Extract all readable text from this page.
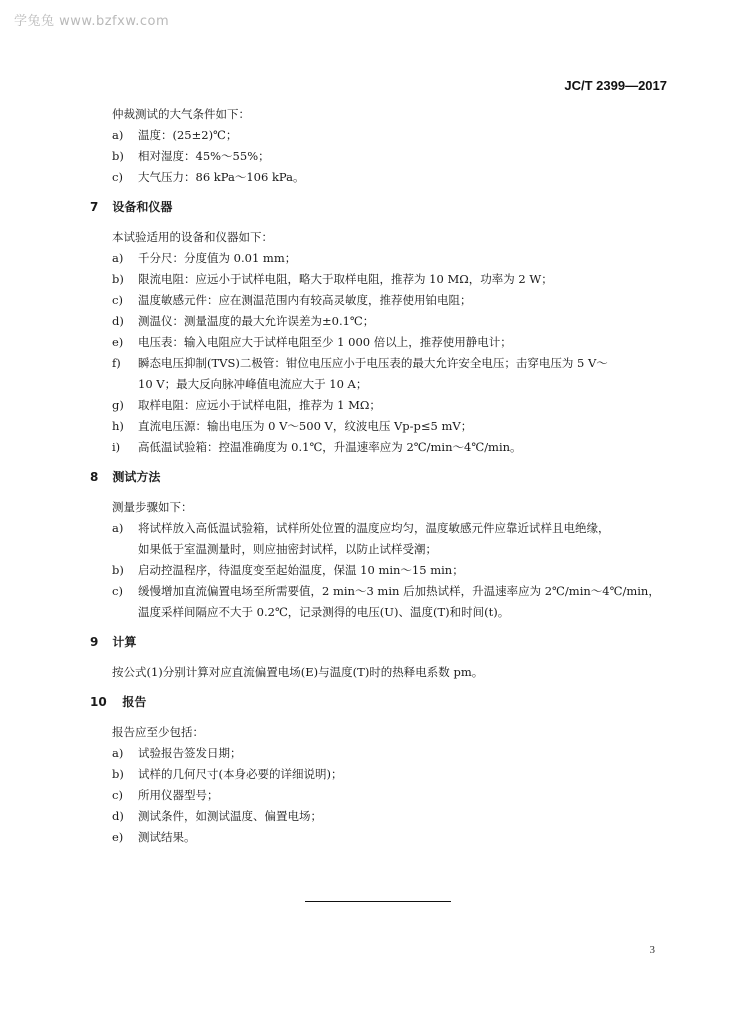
学兔兔 www.bzfxw.com
JC/T 2399—2017
仲裁测试的大气条件如下：
a) 温度：(25±2)℃；
b) 相对湿度：45%～55%；
c) 大气压力：86 kPa～106 kPa。
7 设备和仪器
本试验适用的设备和仪器如下：
a) 千分尺：分度值为 0.01 mm；
b) 限流电阻：应远小于试样电阻，略大于取样电阻，推荐为 10 MΩ，功率为 2 W；
c) 温度敏感元件：应在测温范围内有较高灵敏度，推荐使用铂电阻；
d) 测温仪：测量温度的最大允许误差为±0.1℃；
e) 电压表：输入电阻应大于试样电阻至少 1 000 倍以上，推荐使用静电计；
f) 瞬态电压抑制(TVS)二极管：钳位电压应小于电压表的最大允许安全电压；击穿电压为 5 V～
10 V；最大反向脉冲峰值电流应大于 10 A；
g) 取样电阻：应远小于试样电阻，推荐为 1 MΩ；
h) 直流电压源：输出电压为 0 V～500 V，纹波电压 Vp-p≤5 mV；
i) 高低温试验箱：控温准确度为 0.1℃，升温速率应为 2℃/min～4℃/min。
8 测试方法
测量步骤如下：
a) 将试样放入高低温试验箱，试样所处位置的温度应均匀，温度敏感元件应靠近试样且电绝缘，
如果低于室温测量时，则应抽密封试样，以防止试样受潮；
b) 启动控温程序，待温度变至起始温度，保温 10 min～15 min；
c) 缓慢增加直流偏置电场至所需要值，2 min～3 min 后加热试样，升温速率应为 2℃/min～4℃/min，
温度采样间隔应不大于 0.2℃，记录测得的电压(U)、温度(T)和时间(t)。
9 计算
按公式(1)分别计算对应直流偏置电场(E)与温度(T)时的热释电系数 pm。
10 报告
报告应至少包括：
a) 试验报告签发日期；
b) 试样的几何尺寸(本身必要的详细说明)；
c) 所用仪器型号；
d) 测试条件，如测试温度、偏置电场；
e) 测试结果。
3
